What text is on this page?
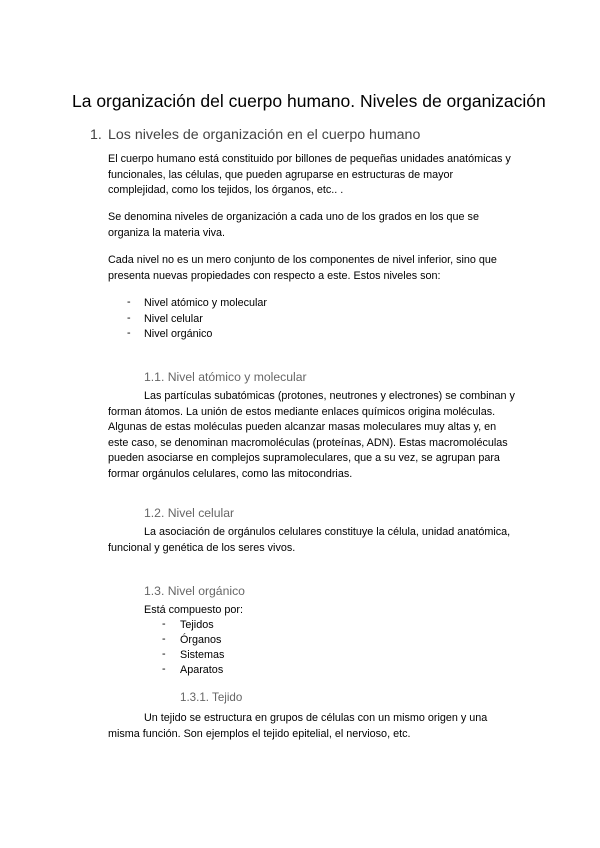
La organización del cuerpo humano. Niveles de organización
1. Los niveles de organización en el cuerpo humano
El cuerpo humano está constituido por billones de pequeñas unidades anatómicas y
funcionales, las células, que pueden agruparse en estructuras de mayor
complejidad, como los tejidos, los órganos, etc.. .
Se denomina niveles de organización a cada uno de los grados en los que se
organiza la materia viva.
Cada nivel no es un mero conjunto de los componentes de nivel inferior, sino que
presenta nuevas propiedades con respecto a este. Estos niveles son:
- Nivel atómico y molecular
- Nivel celular
- Nivel orgánico
1.1. Nivel atómico y molecular
Las partículas subatómicas (protones, neutrones y electrones) se combinan y
forman átomos. La unión de estos mediante enlaces químicos origina moléculas.
Algunas de estas moléculas pueden alcanzar masas moleculares muy altas y, en
este caso, se denominan macromoléculas (proteínas, ADN). Estas macromoléculas
pueden asociarse en complejos supramoleculares, que a su vez, se agrupan para
formar orgánulos celulares, como las mitocondrias.
1.2. Nivel celular
La asociación de orgánulos celulares constituye la célula, unidad anatómica,
funcional y genética de los seres vivos.
1.3. Nivel orgánico
Está compuesto por:
- Tejidos
- Órganos
- Sistemas
- Aparatos
1.3.1. Tejido
Un tejido se estructura en grupos de células con un mismo origen y una
misma función. Son ejemplos el tejido epitelial, el nervioso, etc.
